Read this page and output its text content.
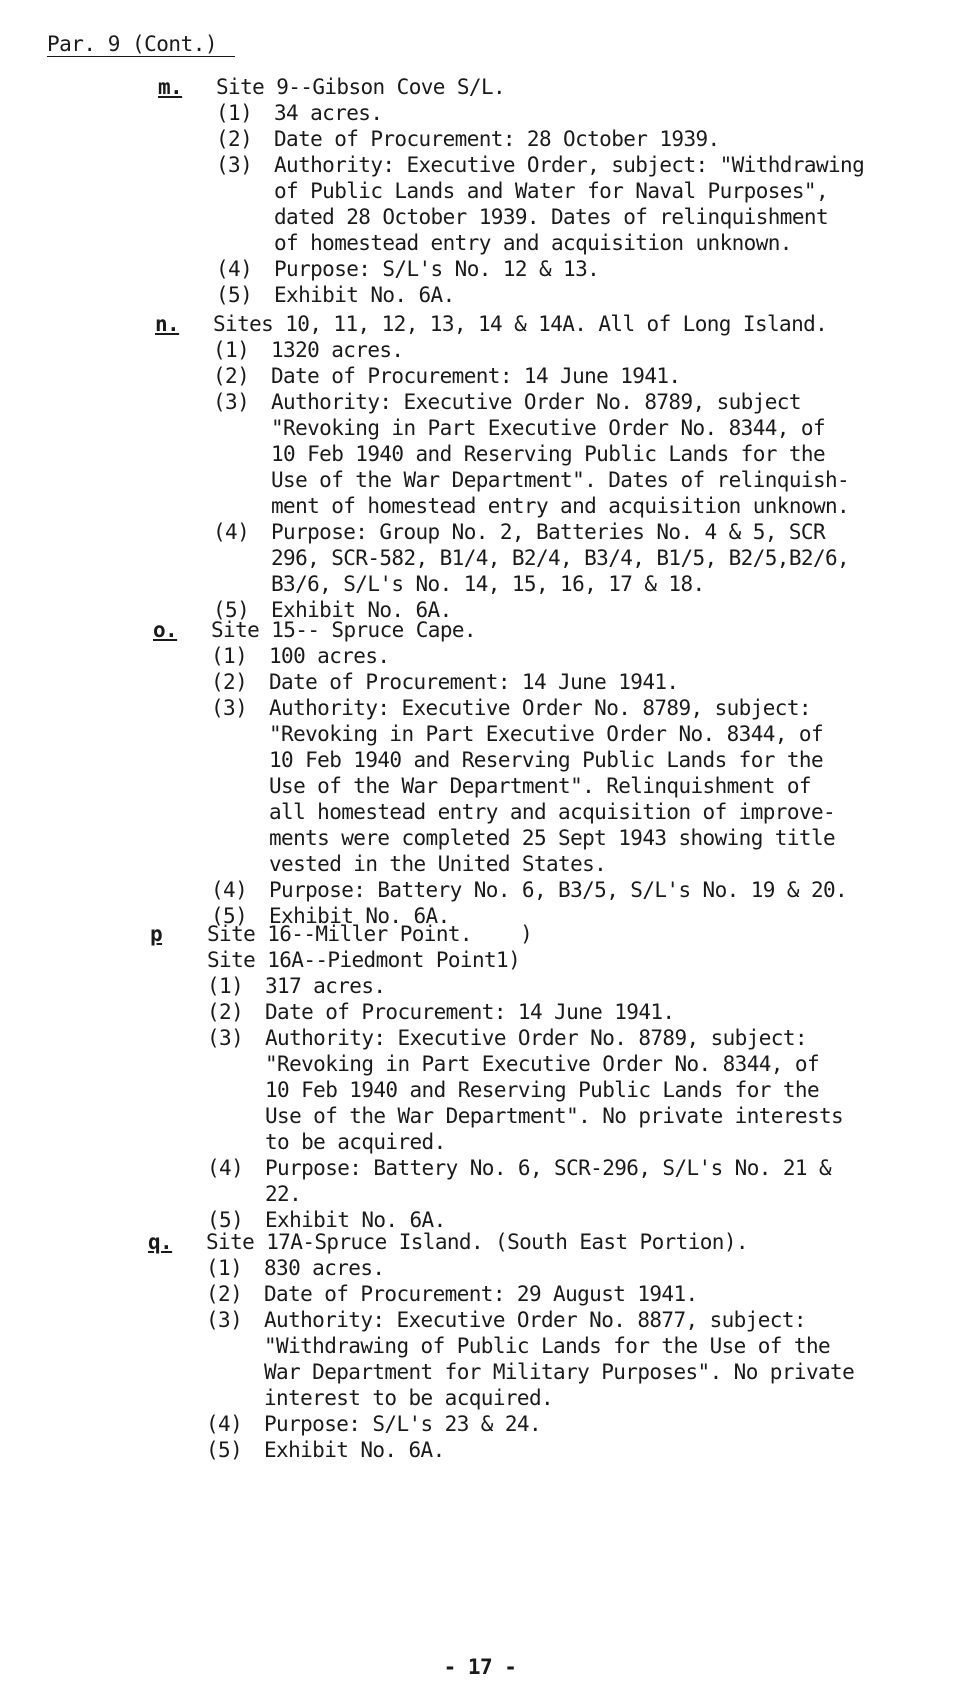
Par. 9 (Cont.)
m. Site 9--Gibson Cove S/L.
(1) 34 acres.
(2) Date of Procurement: 28 October 1939.
(3) Authority: Executive Order, subject: "Withdrawing
of Public Lands and Water for Naval Purposes",
dated 28 October 1939. Dates of relinquishment
of homestead entry and acquisition unknown.
(4) Purpose: S/L's No. 12 & 13.
(5) Exhibit No. 6A.
n. Sites 10, 11, 12, 13, 14 & 14A. All of Long Island.
(1) 1320 acres.
(2) Date of Procurement: 14 June 1941.
(3) Authority: Executive Order No. 8789, subject
"Revoking in Part Executive Order No. 8344, of
10 Feb 1940 and Reserving Public Lands for the
Use of the War Department". Dates of relinquish-
ment of homestead entry and acquisition unknown.
(4) Purpose: Group No. 2, Batteries No. 4 & 5, SCR
296, SCR-582, B1/4, B2/4, B3/4, B1/5, B2/5,B2/6,
B3/6, S/L's No. 14, 15, 16, 17 & 18.
(5) Exhibit No. 6A.
o. Site 15-- Spruce Cape.
(1) 100 acres.
(2) Date of Procurement: 14 June 1941.
(3) Authority: Executive Order No. 8789, subject:
"Revoking in Part Executive Order No. 8344, of
10 Feb 1940 and Reserving Public Lands for the
Use of the War Department". Relinquishment of
all homestead entry and acquisition of improve-
ments were completed 25 Sept 1943 showing title
vested in the United States.
(4) Purpose: Battery No. 6, B3/5, S/L's No. 19 & 20.
(5) Exhibit No. 6A.
p	Site 16--Miller Point.    )
Site 16A--Piedmont Point1)
(1) 317 acres.
(2) Date of Procurement: 14 June 1941.
(3) Authority: Executive Order No. 8789, subject:
"Revoking in Part Executive Order No. 8344, of
10 Feb 1940 and Reserving Public Lands for the
Use of the War Department". No private interests
to be acquired.
(4) Purpose: Battery No. 6, SCR-296, S/L's No. 21 &
22.
(5) Exhibit No. 6A.
q. Site 17A-Spruce Island. (South East Portion).
(1) 830 acres.
(2) Date of Procurement: 29 August 1941.
(3) Authority: Executive Order No. 8877, subject:
"Withdrawing of Public Lands for the Use of the
War Department for Military Purposes". No private
interest to be acquired.
(4) Purpose: S/L's 23 & 24.
(5) Exhibit No. 6A.
- 17 -
